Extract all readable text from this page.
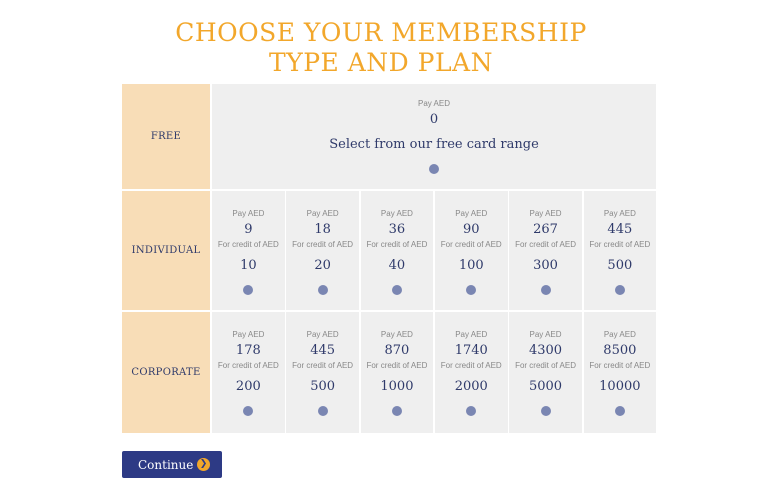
CHOOSE YOUR MEMBERSHIP
TYPE AND PLAN
FREE
Pay AED
0
Select from our free card range
INDIVIDUAL
Pay AED
9
For credit of AED
10
Pay AED
18
For credit of AED
20
Pay AED
36
For credit of AED
40
Pay AED
90
For credit of AED
100
Pay AED
267
For credit of AED
300
Pay AED
445
For credit of AED
500
CORPORATE
Pay AED
178
For credit of AED
200
Pay AED
445
For credit of AED
500
Pay AED
870
For credit of AED
1000
Pay AED
1740
For credit of AED
2000
Pay AED
4300
For credit of AED
5000
Pay AED
8500
For credit of AED
10000
Continue ❯
